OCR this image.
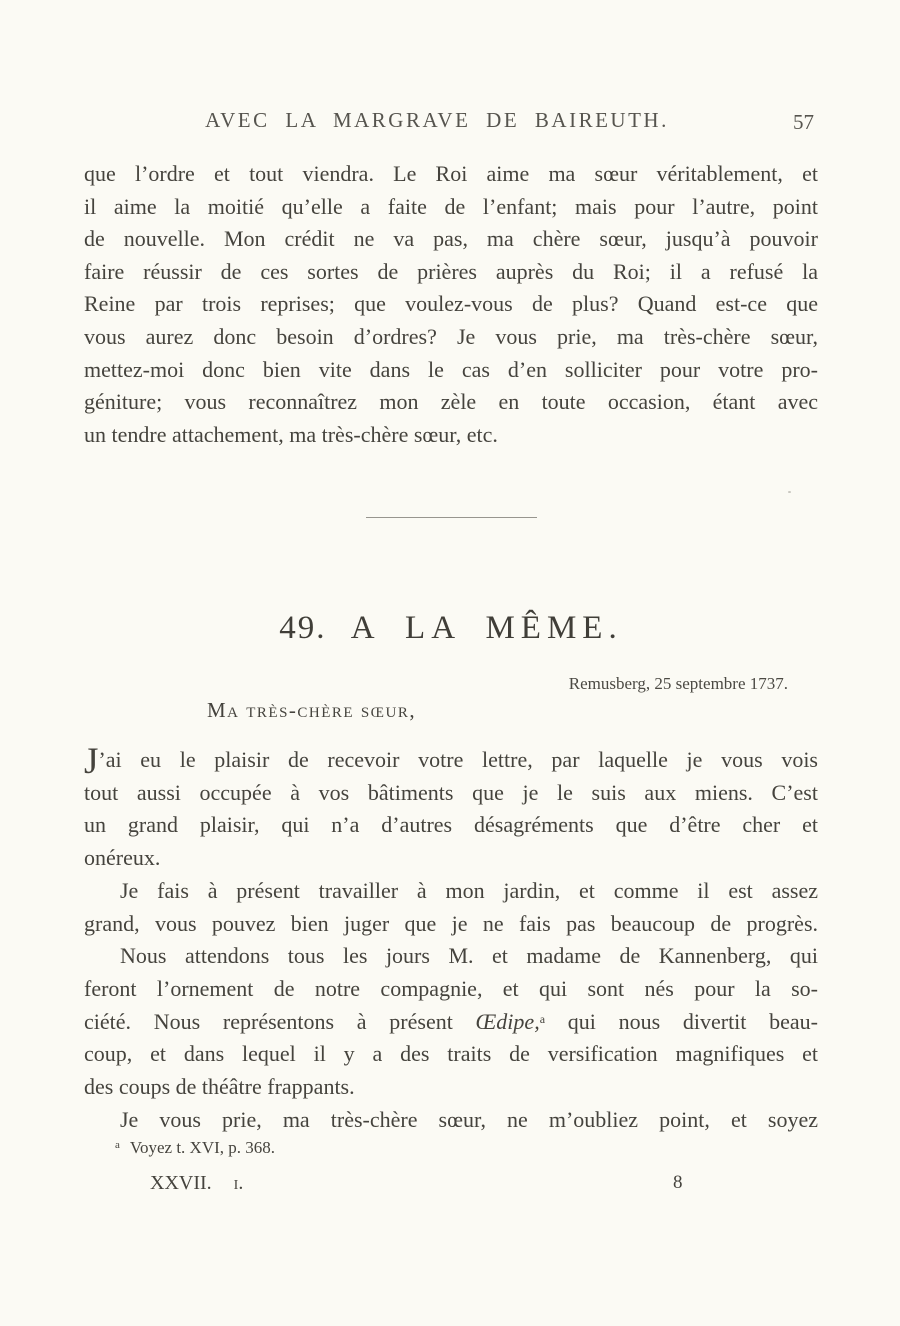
AVEC LA MARGRAVE DE BAIREUTH.	57
que l’ordre et tout viendra. Le Roi aime ma sœur véritablement, et
il aime la moitié qu’elle a faite de l’enfant; mais pour l’autre, point
de nouvelle. Mon crédit ne va pas, ma chère sœur, jusqu’à pouvoir
faire réussir de ces sortes de prières auprès du Roi; il a refusé la
Reine par trois reprises; que voulez-vous de plus? Quand est-ce que
vous aurez donc besoin d’ordres? Je vous prie, ma très-chère sœur,
mettez-moi donc bien vite dans le cas d’en solliciter pour votre pro-
géniture; vous reconnaîtrez mon zèle en toute occasion, étant avec
un tendre attachement, ma très-chère sœur, etc.
49. A LA MÊME.
Remusberg, 25 septembre 1737.
Ma très-chère sœur,
J’ai eu le plaisir de recevoir votre lettre, par laquelle je vous vois
tout aussi occupée à vos bâtiments que je le suis aux miens. C’est
un grand plaisir, qui n’a d’autres désagréments que d’être cher et
onéreux.
Je fais à présent travailler à mon jardin, et comme il est assez
grand, vous pouvez bien juger que je ne fais pas beaucoup de progrès.
Nous attendons tous les jours M. et madame de Kannenberg, qui
feront l’ornement de notre compagnie, et qui sont nés pour la so-
ciété. Nous représentons à présent Œdipe,$^a$ qui nous divertit beau-
coup, et dans lequel il y a des traits de versification magnifiques et
des coups de théâtre frappants.
Je vous prie, ma très-chère sœur, ne m’oubliez point, et soyez
$^a$ Voyez t. XVI, p. 368.
XXVII. i.	8
